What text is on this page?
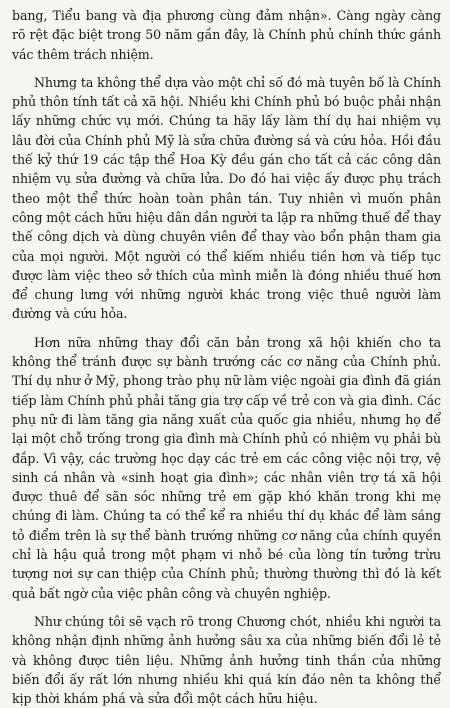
bang, Tiểu bang và địa phương cùng đảm nhận». Càng ngày càng rõ rệt đặc biệt trong 50 năm gần đây, là Chính phủ chính thức gánh vác thêm trách nhiệm.

Nhưng ta không thể dựa vào một chỉ số đó mà tuyên bố là Chính phủ thôn tính tất cả xã hội. Nhiều khi Chính phủ bó buộc phải nhận lấy những chức vụ mới. Chúng ta hãy lấy làm thí dụ hai nhiệm vụ lâu đời của Chính phủ Mỹ là sửa chữa đường sá và cứu hỏa. Hồi đầu thế kỷ thứ 19 các tập thể Hoa Kỳ đều gán cho tất cả các công dân nhiệm vụ sửa đường và chữa lửa. Do đó hai việc ấy được phụ trách theo một thể thức hoàn toàn phân tán. Tuy nhiên vì muốn phân công một cách hữu hiệu dân dần người ta lập ra những thuế để thay thế công dịch và dùng chuyên viên để thay vào bổn phận tham gia của mọi người. Một người có thể kiếm nhiều tiền hơn và tiếp tục được làm việc theo sở thích của mình miễn là đóng nhiều thuế hơn để chung lưng với những người khác trong việc thuê người làm đường và cứu hỏa.

Hơn nữa những thay đổi căn bản trong xã hội khiến cho ta không thể tránh được sự bành trướng các cơ năng của Chính phủ. Thí dụ như ở Mỹ, phong trào phụ nữ làm việc ngoài gia đình đã gián tiếp làm Chính phủ phải tăng gia trợ cấp về trẻ con và gia đình. Các phụ nữ đi làm tăng gia năng xuất của quốc gia nhiều, nhưng họ để lại một chỗ trống trong gia đình mà Chính phủ có nhiệm vụ phải bù đắp. Vì vậy, các trường học dạy các trẻ em các công việc nội trợ, vệ sinh cá nhân và «sinh hoạt gia đình»; các nhân viên trợ tá xã hội được thuê để săn sóc những trẻ em gặp khó khăn trong khi mẹ chúng đi làm. Chúng ta có thể kể ra nhiều thí dụ khác để làm sáng tỏ điểm trên là sự thể bành trướng những cơ năng của chính quyền chỉ là hậu quả trong một phạm vi nhỏ bé của lòng tín tưởng trừu tượng nơi sự can thiệp của Chính phủ; thường thường thì đó là kết quả bất ngờ của việc phân công và chuyên nghiệp.

Như chúng tôi sẽ vạch rõ trong Chương chót, nhiều khi người ta không nhận định những ảnh hưởng sâu xa của những biến đổi lẻ tẻ và không được tiên liệu. Những ảnh hưởng tinh thần của những biến đổi ấy rất lớn nhưng nhiều khi quá kín đáo nên ta không thể kịp thời khám phá và sửa đổi một cách hữu hiệu.
